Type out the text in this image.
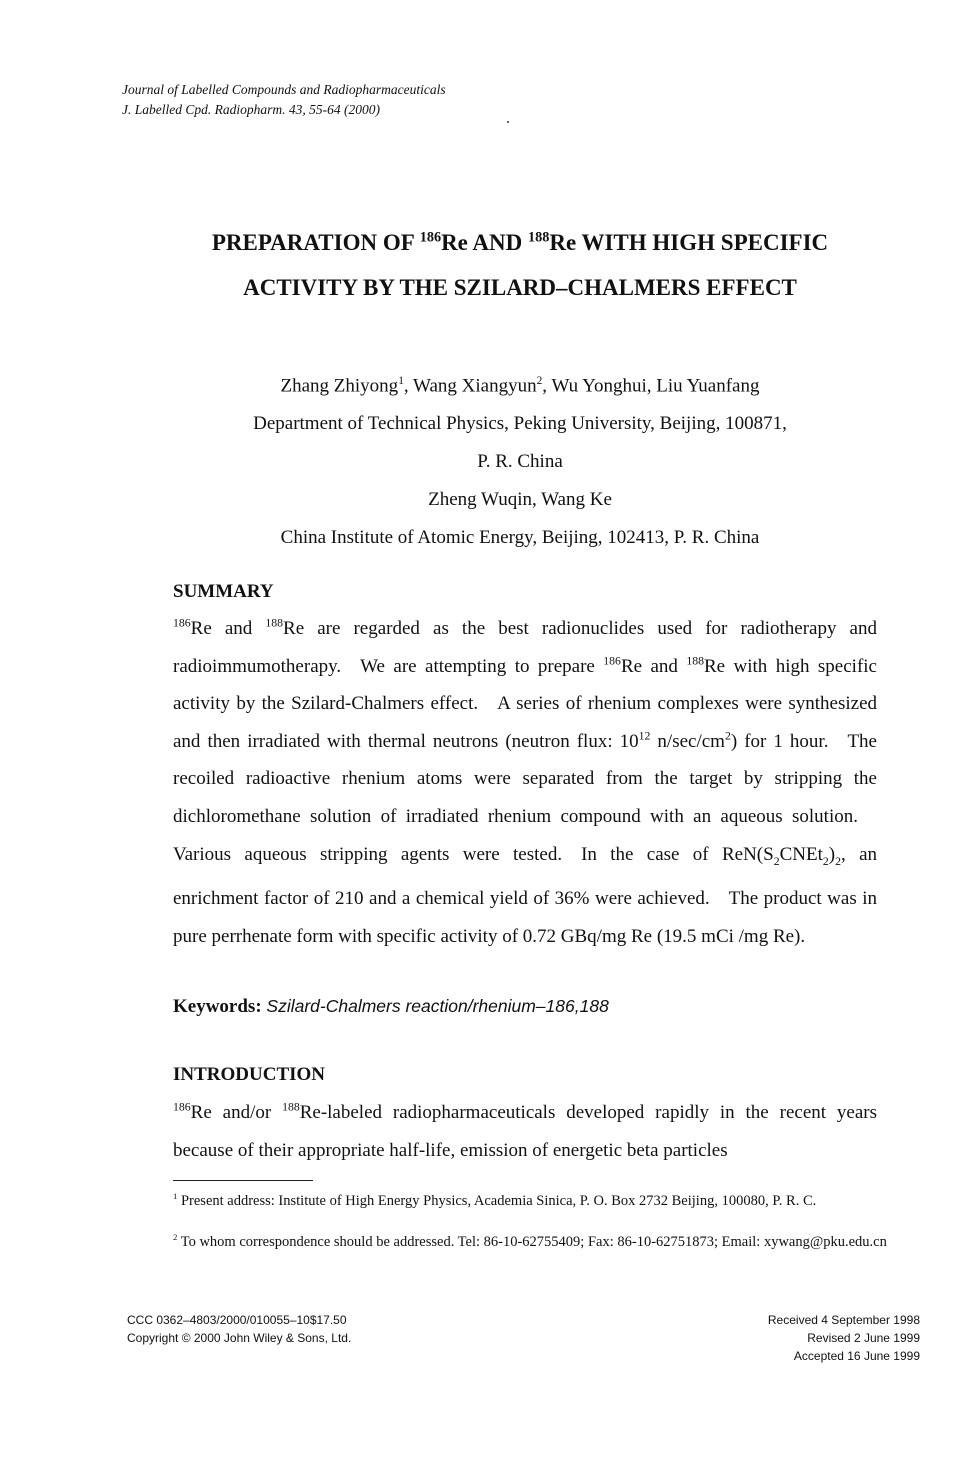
Journal of Labelled Compounds and Radiopharmaceuticals
J. Labelled Cpd. Radiopharm. 43, 55-64 (2000)
PREPARATION OF $^{186}$Re AND $^{188}$Re WITH HIGH SPECIFIC
ACTIVITY BY THE SZILARD–CHALMERS EFFECT
Zhang Zhiyong$^1$, Wang Xiangyun$^2$, Wu Yonghui, Liu Yuanfang
Department of Technical Physics, Peking University, Beijing, 100871,
P. R. China
Zheng Wuqin, Wang Ke
China Institute of Atomic Energy, Beijing, 102413, P. R. China
SUMMARY

$^{186}$Re and $^{188}$Re are regarded as the best radionuclides used for radiotherapy and radioimmumotherapy. We are attempting to prepare $^{186}$Re and $^{188}$Re with high specific activity by the Szilard-Chalmers effect. A series of rhenium complexes were synthesized and then irradiated with thermal neutrons (neutron flux: $10^{12}$ $n/\sec/cm^2$) for 1 hour. The recoiled radioactive rhenium atoms were separated from the target by stripping the dichloromethane solution of irradiated rhenium compound with an aqueous solution. Various aqueous stripping agents were tested. In the case of $ReN(S_2CNEt_2)_2$, an enrichment factor of 210 and a chemical yield of 36% were achieved. The product was in pure perrhenate form with specific activity of 0.72 GBq/mg Re (19.5 mCi /mg Re).

Keywords: Szilard-Chalmers reaction/rhenium–186,188
INTRODUCTION

$^{186}$Re and/or $^{188}$Re-labeled radiopharmaceuticals developed rapidly in the recent years because of their appropriate half-life, emission of energetic beta particles

$^1$ Present address: Institute of High Energy Physics, Academia Sinica, P. O. Box 2732 Beijing, 100080, P. R. C.
$^2$ To whom correspondence should be addressed. Tel: 86-10-62755409; Fax: 86-10-62751873; Email: xywang@pku.edu.cn
CCC 0362–4803/2000/010055–10$17.50
Copyright © 2000 John Wiley & Sons, Ltd.
Received 4 September 1998
Revised 2 June 1999
Accepted 16 June 1999
